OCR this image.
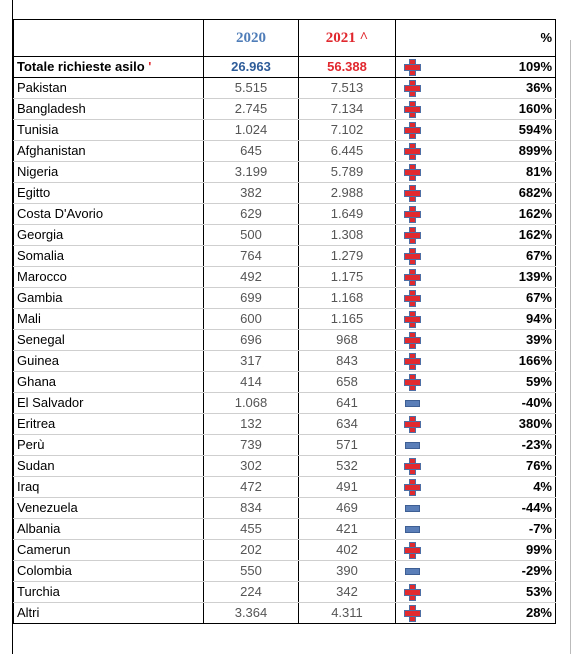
	2020	2021 ^		%
Totale richieste asilo '	26.963	56.388		109%
Pakistan	5.515	7.513		36%
Bangladesh	2.745	7.134		160%
Tunisia	1.024	7.102		594%
Afghanistan	645	6.445		899%
Nigeria	3.199	5.789		81%
Egitto	382	2.988		682%
Costa D'Avorio	629	1.649		162%
Georgia	500	1.308		162%
Somalia	764	1.279		67%
Marocco	492	1.175		139%
Gambia	699	1.168		67%
Mali	600	1.165		94%
Senegal	696	968		39%
Guinea	317	843		166%
Ghana	414	658		59%
El Salvador	1.068	641		-40%
Eritrea	132	634		380%
Perù	739	571		-23%
Sudan	302	532		76%
Iraq	472	491		4%
Venezuela	834	469		-44%
Albania	455	421		-7%
Camerun	202	402		99%
Colombia	550	390		-29%
Turchia	224	342		53%
Altri	3.364	4.311		28%
